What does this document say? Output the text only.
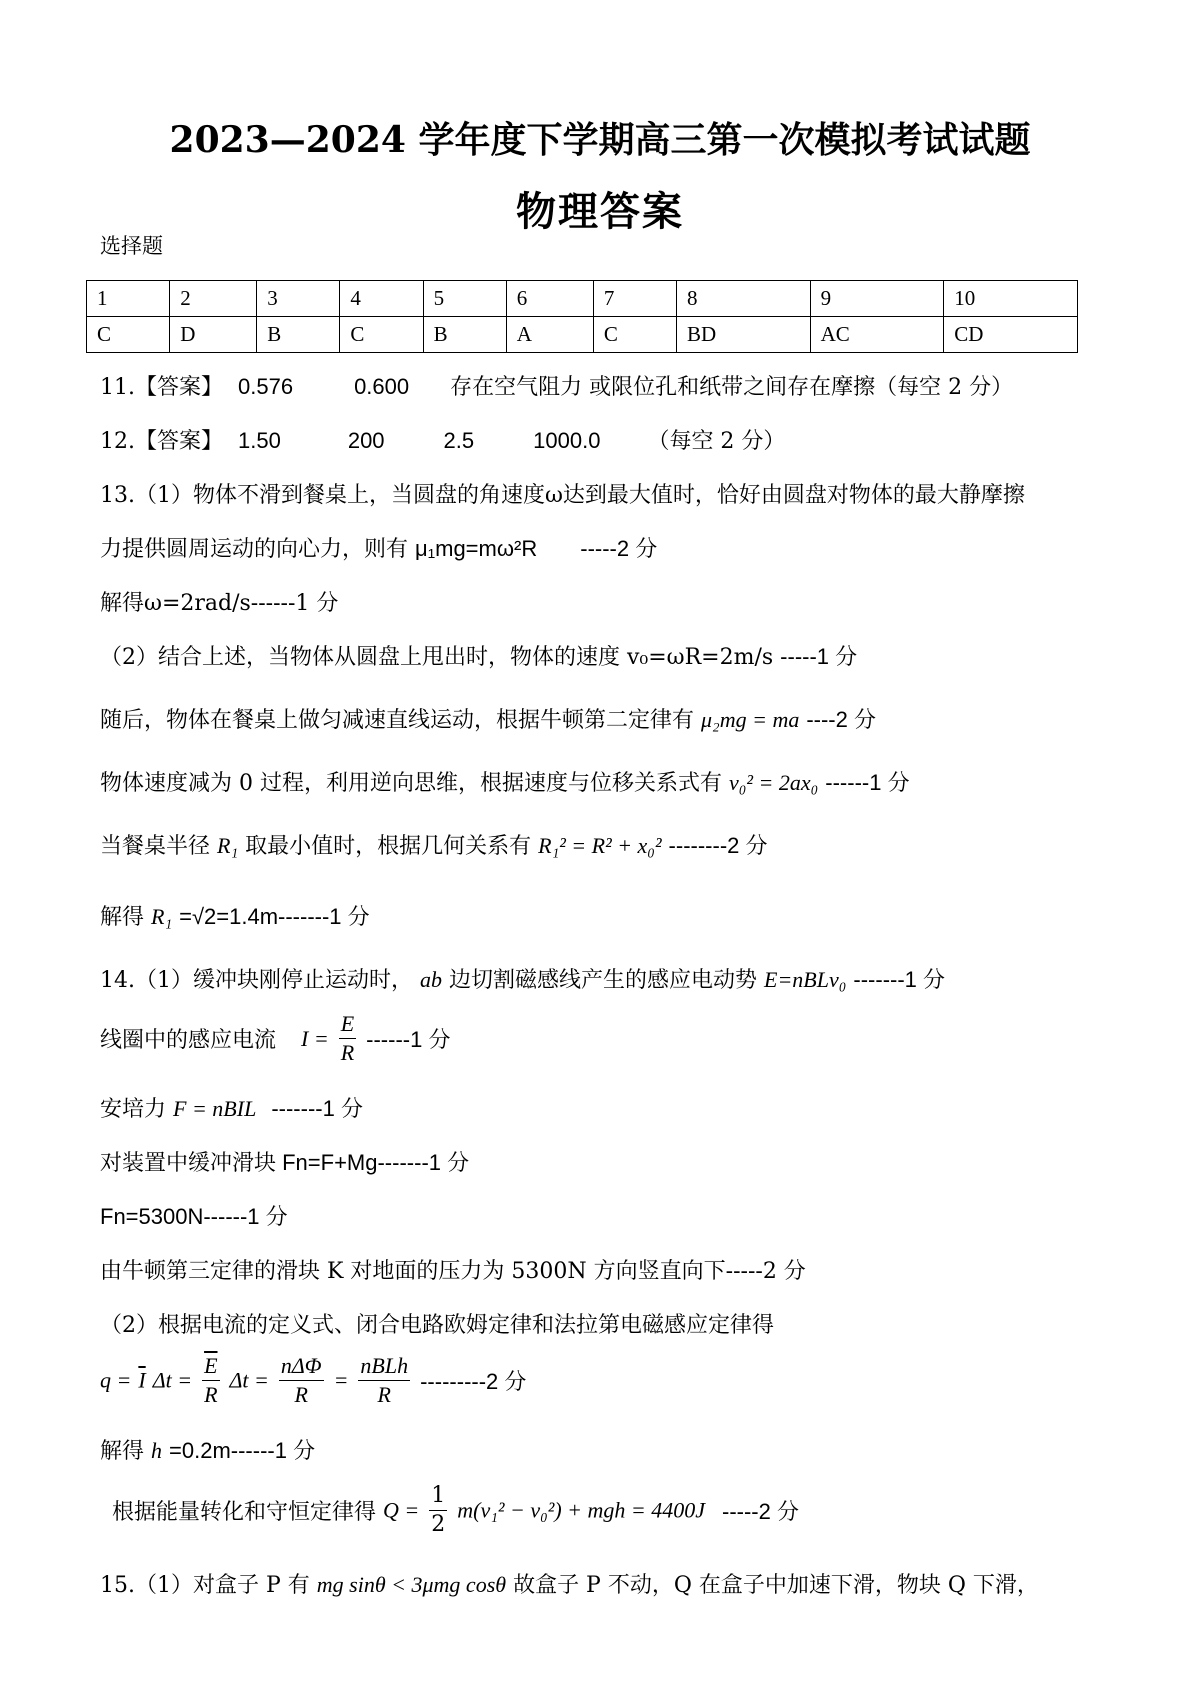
2023—2024 学年度下学期高三第一次模拟考试试题
物理答案
选择题
1	2	3	4	5	6	7	8	9	10
C	D	B	C	B	A	C	BD	AC	CD
11.【答案】 0.576	0.600 存在空气阻力 或限位孔和纸带之间存在摩擦（每空 2 分）
12.【答案】 1.50	200	2.5	1000.0 （每空 2 分）
13.（1）物体不滑到餐桌上，当圆盘的角速度ω达到最大值时，恰好由圆盘对物体的最大静摩擦
力提供圆周运动的向心力，则有 μ₁mg=mω²R -----2 分
解得ω=2rad/s------1 分
（2）结合上述，当物体从圆盘上甩出时，物体的速度 v₀=ωR=2m/s -----1 分
随后，物体在餐桌上做匀减速直线运动，根据牛顿第二定律有 μ₂mg = ma ----2 分
物体速度减为 0 过程，利用逆向思维，根据速度与位移关系式有 v₀² = 2ax₀ ------1 分
当餐桌半径 R₁ 取最小值时，根据几何关系有 R₁² = R² + x₀² --------2 分
解得 R₁ =√2=1.4m-------1 分
14.（1）缓冲块刚停止运动时， ab 边切割磁感线产生的感应电动势 E=nBLv₀ -------1 分
线圈中的感应电流 $I = \frac{E}{R} ------1$ 分
安培力 F = nBIL -------1 分
对装置中缓冲滑块 Fn=F+Mg-------1 分
Fn=5300N------1 分
由牛顿第三定律的滑块 K 对地面的压力为 5300N 方向竖直向下-----2 分
（2）根据电流的定义式、闭合电路欧姆定律和法拉第电磁感应定律得
$q = \overline{I}$ $\Delta t = \frac{\overline{E}}{R}$ $\Delta t = \frac{\text{nΔΦ}}{R} = \frac{\text{nBLh}}{R} ---------2$ 分
解得 h =0.2m------1 分
根据能量转化和守恒定律得 $Q = \frac{1}{2} m(v_1^2 - v_0^2)$ + mgh = 4400J -----2 分
15.（1）对盒子 P 有 mg sinθ < 3μmg cosθ 故盒子 P 不动，Q 在盒子中加速下滑，物块 Q 下滑，
